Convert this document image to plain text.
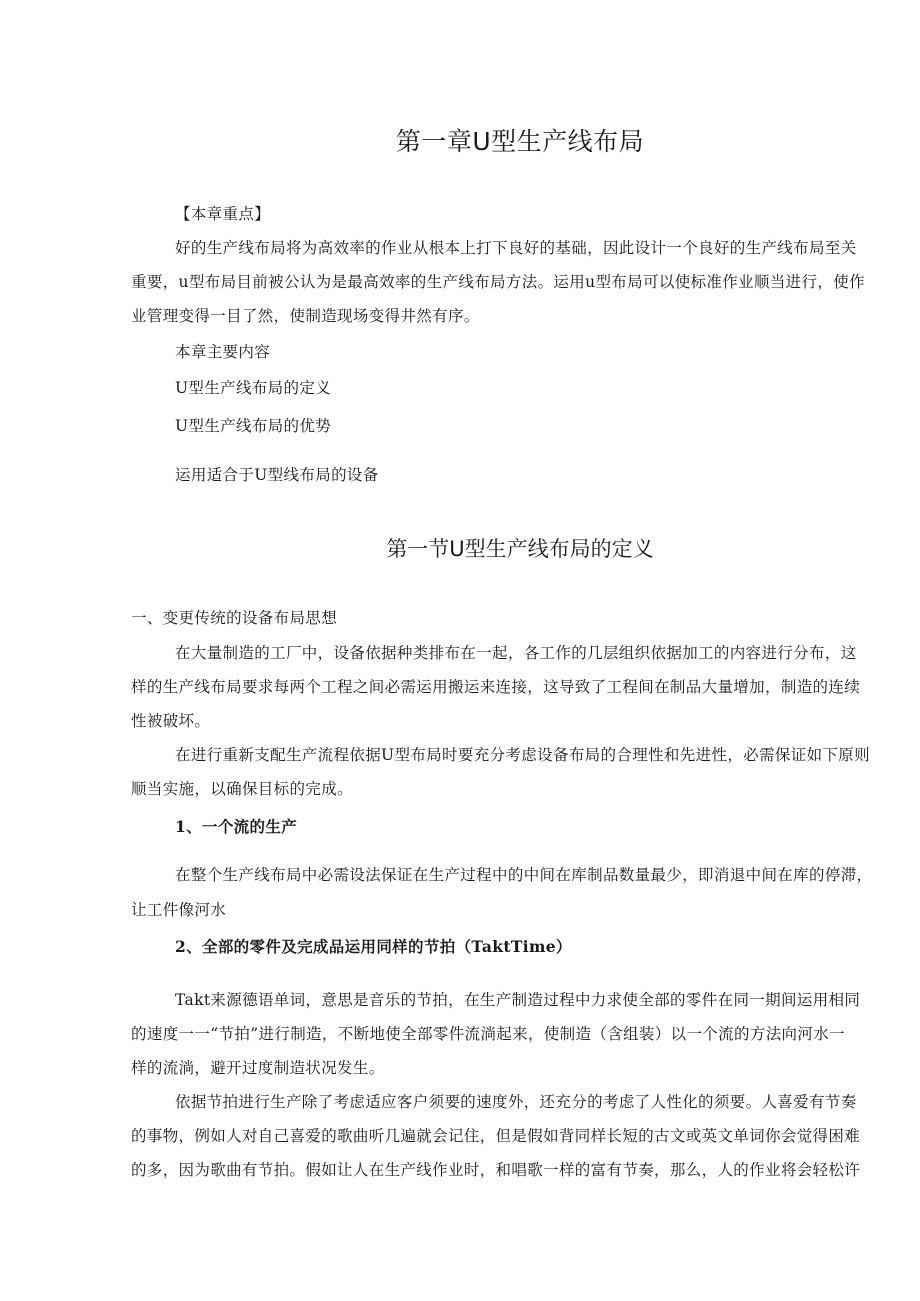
第一章U型生产线布局
【本章重点】
好的生产线布局将为高效率的作业从根本上打下良好的基础，因此设计一个良好的生产线布局至关
重要，u型布局目前被公认为是最高效率的生产线布局方法。运用u型布局可以使标准作业顺当进行，使作
业管理变得一目了然，使制造现场变得井然有序。
本章主要内容
U型生产线布局的定义
U型生产线布局的优势
运用适合于U型线布局的设备
第一节U型生产线布局的定义
一、变更传统的设备布局思想
在大量制造的工厂中，设备依据种类排布在一起，各工作的几层组织依据加工的内容进行分布，这
样的生产线布局要求每两个工程之间必需运用搬运来连接，这导致了工程间在制品大量增加，制造的连续
性被破坏。
在进行重新支配生产流程依据U型布局时要充分考虑设备布局的合理性和先进性，必需保证如下原则
顺当实施，以确保目标的完成。
1、一个流的生产
在整个生产线布局中必需设法保证在生产过程中的中间在库制品数量最少，即消退中间在库的停滞，
让工件像河水
2、全部的零件及完成品运用同样的节拍（TaktTime）
Takt来源德语单词，意思是音乐的节拍，在生产制造过程中力求使全部的零件在同一期间运用相同
的速度一一“节拍”进行制造，不断地使全部零件流淌起来，使制造（含组装）以一个流的方法向河水一
样的流淌，避开过度制造状况发生。
依据节拍进行生产除了考虑适应客户须要的速度外，还充分的考虑了人性化的须要。人喜爱有节奏
的事物，例如人对自己喜爱的歌曲听几遍就会记住，但是假如背同样长短的古文或英文单词你会觉得困难
的多，因为歌曲有节拍。假如让人在生产线作业时，和唱歌一样的富有节奏，那么，人的作业将会轻松许
